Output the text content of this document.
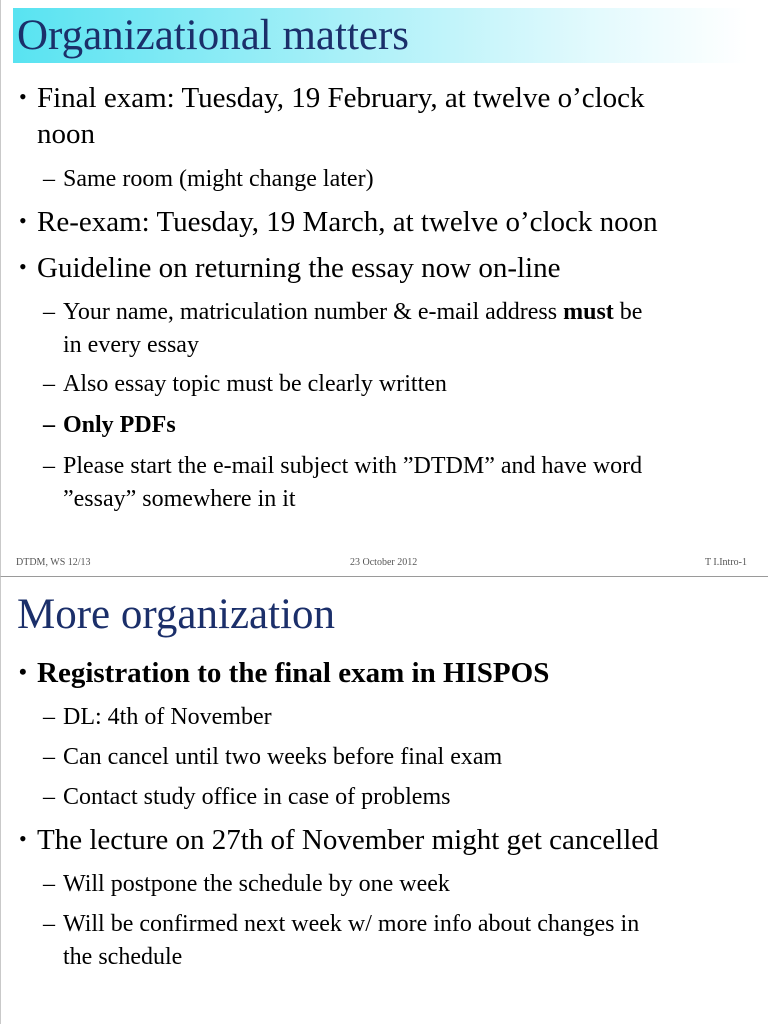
Organizational matters
• Final exam: Tuesday, 19 February, at twelve o’clock
noon
– Same room (might change later)
• Re-exam: Tuesday, 19 March, at twelve o’clock noon
• Guideline on returning the essay now on-line
– Your name, matriculation number & e-mail address must be
in every essay
– Also essay topic must be clearly written
– Only PDFs
– Please start the e-mail subject with ”DTDM” and have word
”essay” somewhere in it
DTDM, WS 12/13	23 October 2012	T I.Intro-1
More organization
• Registration to the final exam in HISPOS
– DL: 4th of November
– Can cancel until two weeks before final exam
– Contact study office in case of problems
• The lecture on 27th of November might get cancelled
– Will postpone the schedule by one week
– Will be confirmed next week w/ more info about changes in
the schedule
